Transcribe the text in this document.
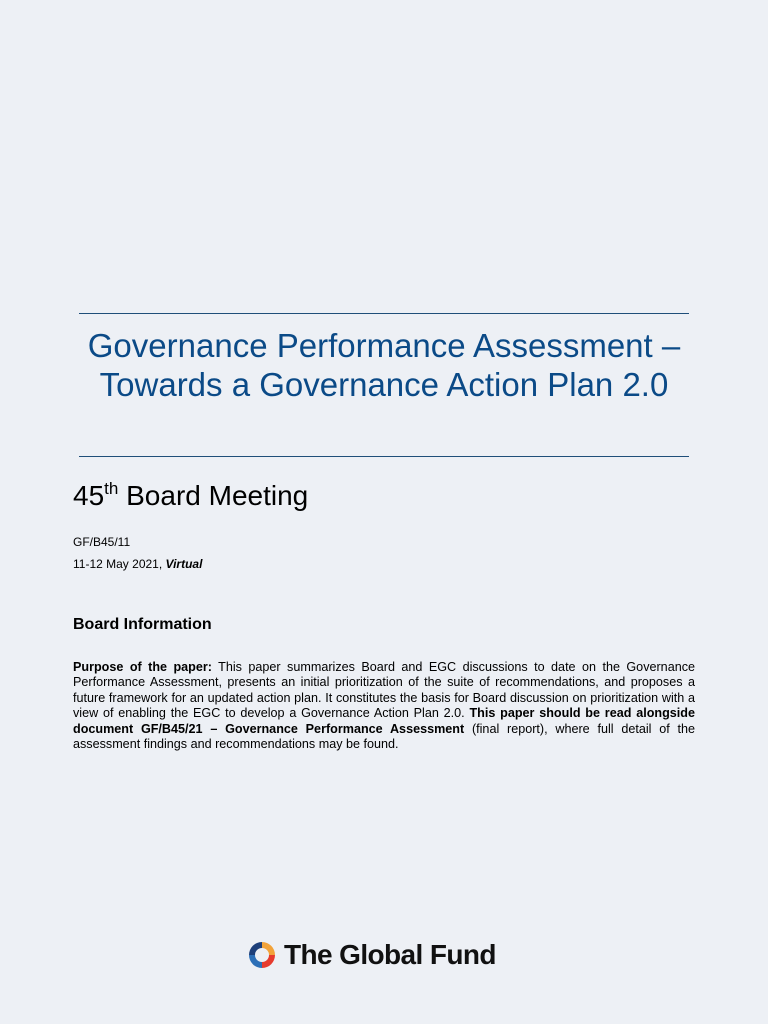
Governance Performance Assessment – Towards a Governance Action Plan 2.0
45th Board Meeting
GF/B45/11
11-12 May 2021, Virtual
Board Information

Purpose of the paper: This paper summarizes Board and EGC discussions to date on the Governance Performance Assessment, presents an initial prioritization of the suite of recommendations, and proposes a future framework for an updated action plan. It constitutes the basis for Board discussion on prioritization with a view of enabling the EGC to develop a Governance Action Plan 2.0. This paper should be read alongside document GF/B45/21 – Governance Performance Assessment (final report), where full detail of the assessment findings and recommendations may be found.

The Global Fund
